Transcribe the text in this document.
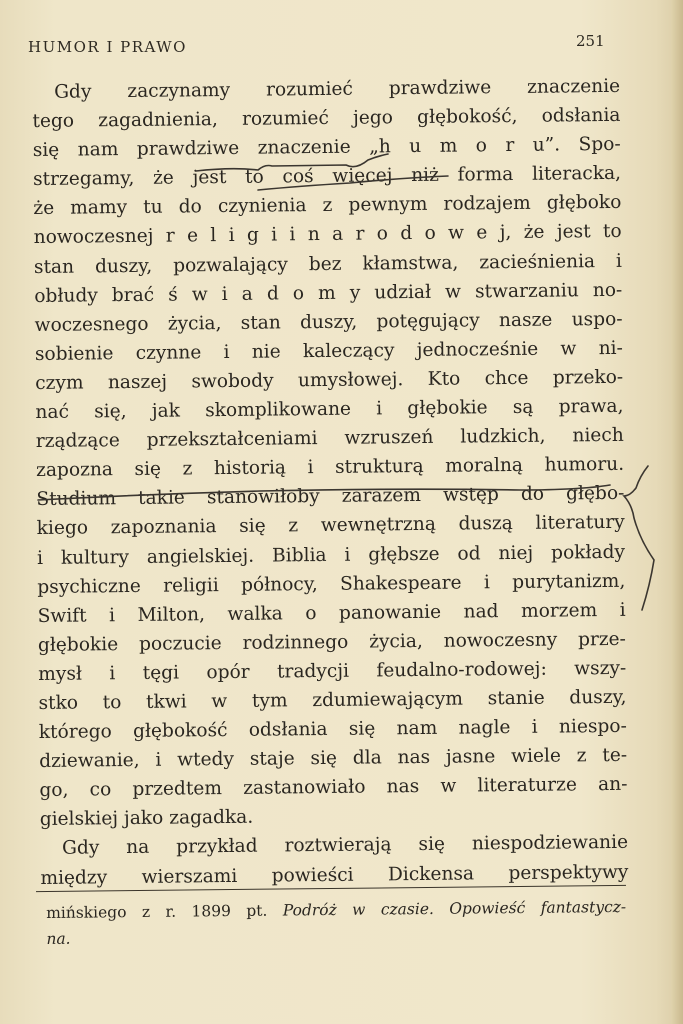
HUMOR I PRAWO	251
Gdy zaczynamy rozumieć prawdziwe znaczenie
tego zagadnienia, rozumieć jego głębokość, odsłania
się nam prawdziwe znaczenie „h u m o r u”. Spo-
strzegamy, że jest to coś więcej niż forma literacka,
że mamy tu do czynienia z pewnym rodzajem głęboko
nowoczesnej r e l i g i i n a r o d o w e j, że jest to
stan duszy, pozwalający bez kłamstwa, zacieśnienia i
obłudy brać ś w i a d o m y udział w stwarzaniu no-
woczesnego życia, stan duszy, potęgujący nasze uspo-
sobienie czynne i nie kaleczący jednocześnie w ni-
czym naszej swobody umysłowej. Kto chce przeko-
nać się, jak skomplikowane i głębokie są prawa,
rządzące przekształceniami wzruszeń ludzkich, niech
zapozna się z historią i strukturą moralną humoru.
Studium takie stanowiłoby zarazem wstęp do głębo-
kiego zapoznania się z wewnętrzną duszą literatury
i kultury angielskiej. Biblia i głębsze od niej pokłady
psychiczne religii północy, Shakespeare i purytanizm,
Swift i Milton, walka o panowanie nad morzem i
głębokie poczucie rodzinnego życia, nowoczesny prze-
mysł i tęgi opór tradycji feudalno-rodowej: wszy-
stko to tkwi w tym zdumiewającym stanie duszy,
którego głębokość odsłania się nam nagle i niespo-
dziewanie, i wtedy staje się dla nas jasne wiele z te-
go, co przedtem zastanowiało nas w literaturze an-
gielskiej jako zagadka.
Gdy na przykład roztwierają się niespodziewanie
między wierszami powieści Dickensa perspektywy
mińskiego z r. 1899 pt. Podróż w czasie. Opowieść fantastycz-
na.
